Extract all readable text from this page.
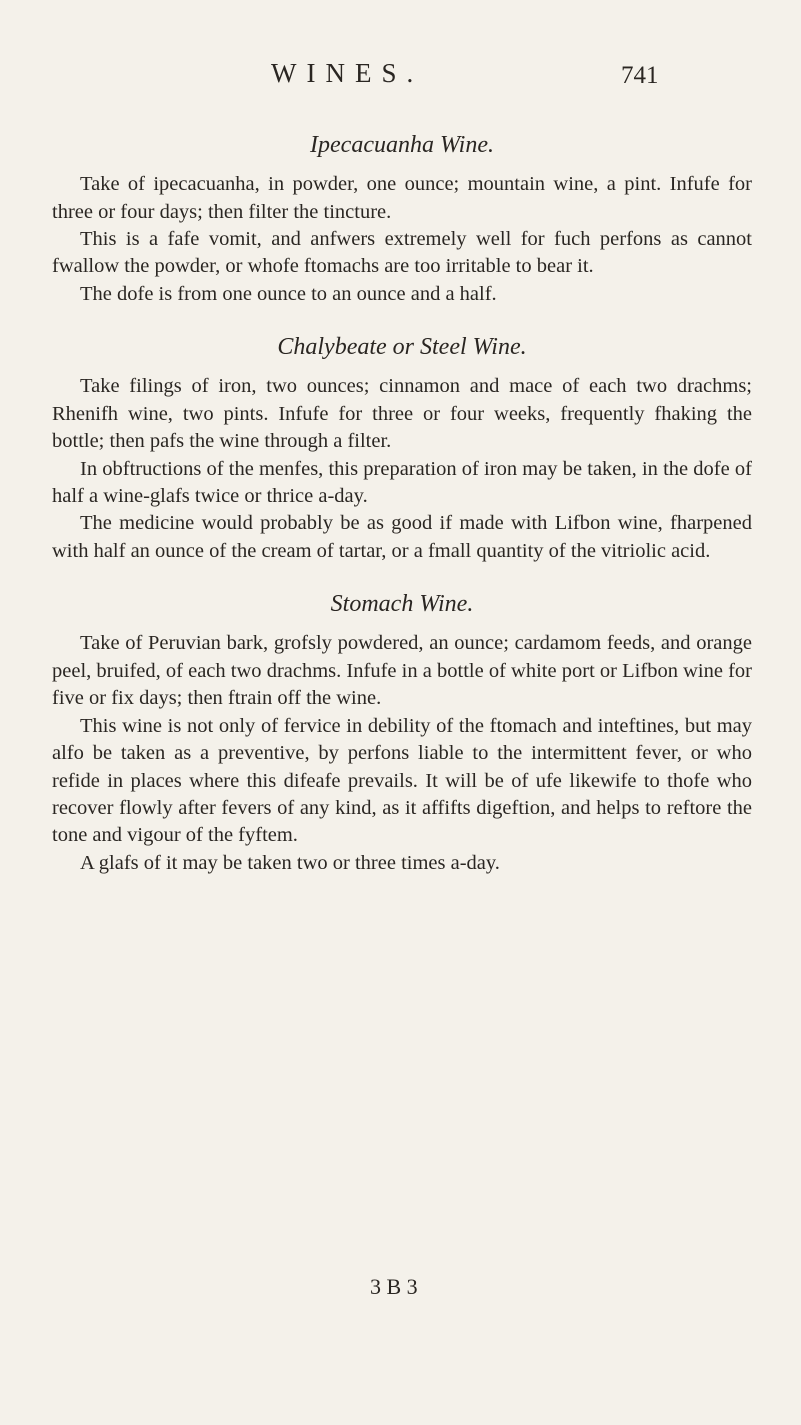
WINES.	741
Ipecacuanha Wine.

Take of ipecacuanha, in powder, one ounce; mountain wine, a pint. Infufe for three or four days; then filter the tincture.

This is a fafe vomit, and anfwers extremely well for fuch perfons as cannot fwallow the powder, or whofe ftomachs are too irritable to bear it.

The dofe is from one ounce to an ounce and a half.

Chalybeate or Steel Wine.

Take filings of iron, two ounces; cinnamon and mace of each two drachms; Rhenifh wine, two pints. Infufe for three or four weeks, frequently fhaking the bottle; then pafs the wine through a filter.

In obftructions of the menfes, this preparation of iron may be taken, in the dofe of half a wine-glafs twice or thrice a-day.

The medicine would probably be as good if made with Lifbon wine, fharpened with half an ounce of the cream of tartar, or a fmall quantity of the vitriolic acid.

Stomach Wine.

Take of Peruvian bark, grofsly powdered, an ounce; cardamom feeds, and orange peel, bruifed, of each two drachms. Infufe in a bottle of white port or Lifbon wine for five or fix days; then ftrain off the wine.

This wine is not only of fervice in debility of the ftomach and inteftines, but may alfo be taken as a preventive, by perfons liable to the intermittent fever, or who refide in places where this difeafe prevails. It will be of ufe likewife to thofe who recover flowly after fevers of any kind, as it affifts digeftion, and helps to reftore the tone and vigour of the fyftem.

A glafs of it may be taken two or three times a-day.

3 B 3
